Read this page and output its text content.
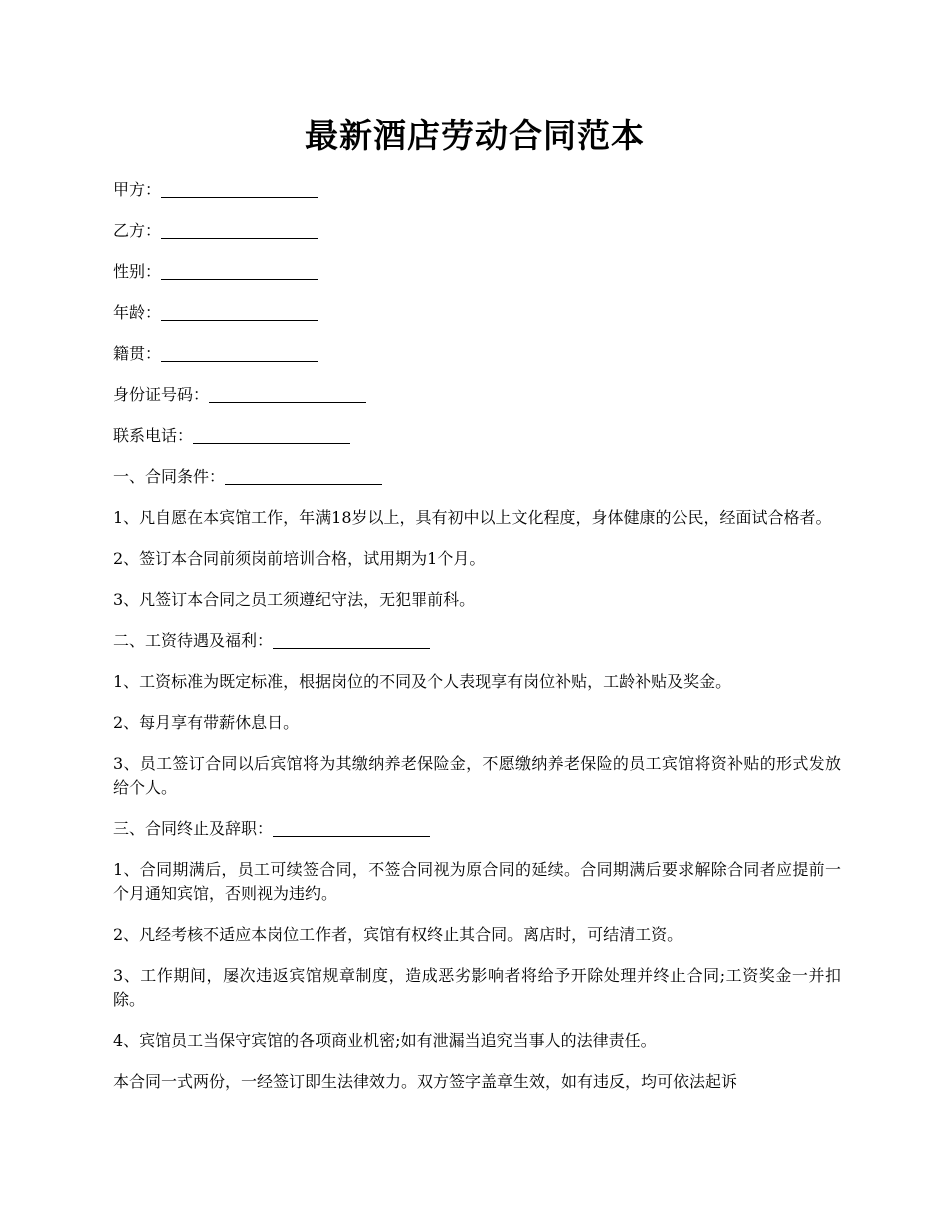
最新酒店劳动合同范本

甲方：

乙方：

性别：

年龄：

籍贯：

身份证号码：

联系电话：

一、合同条件：

1、凡自愿在本宾馆工作，年满18岁以上，具有初中以上文化程度，身体健康的公民，经面试合格者。

2、签订本合同前须岗前培训合格，试用期为1个月。

3、凡签订本合同之员工须遵纪守法，无犯罪前科。

二、工资待遇及福利：

1、工资标准为既定标准，根据岗位的不同及个人表现享有岗位补贴，工龄补贴及奖金。

2、每月享有带薪休息日。

3、员工签订合同以后宾馆将为其缴纳养老保险金，不愿缴纳养老保险的员工宾馆将资补贴的形式发放给个人。

三、合同终止及辞职：

1、合同期满后，员工可续签合同，不签合同视为原合同的延续。合同期满后要求解除合同者应提前一个月通知宾馆，否则视为违约。

2、凡经考核不适应本岗位工作者，宾馆有权终止其合同。离店时，可结清工资。

3、工作期间，屡次违返宾馆规章制度，造成恶劣影响者将给予开除处理并终止合同;工资奖金一并扣除。

4、宾馆员工当保守宾馆的各项商业机密;如有泄漏当追究当事人的法律责任。

本合同一式两份，一经签订即生法律效力。双方签字盖章生效，如有违反，均可依法起诉
